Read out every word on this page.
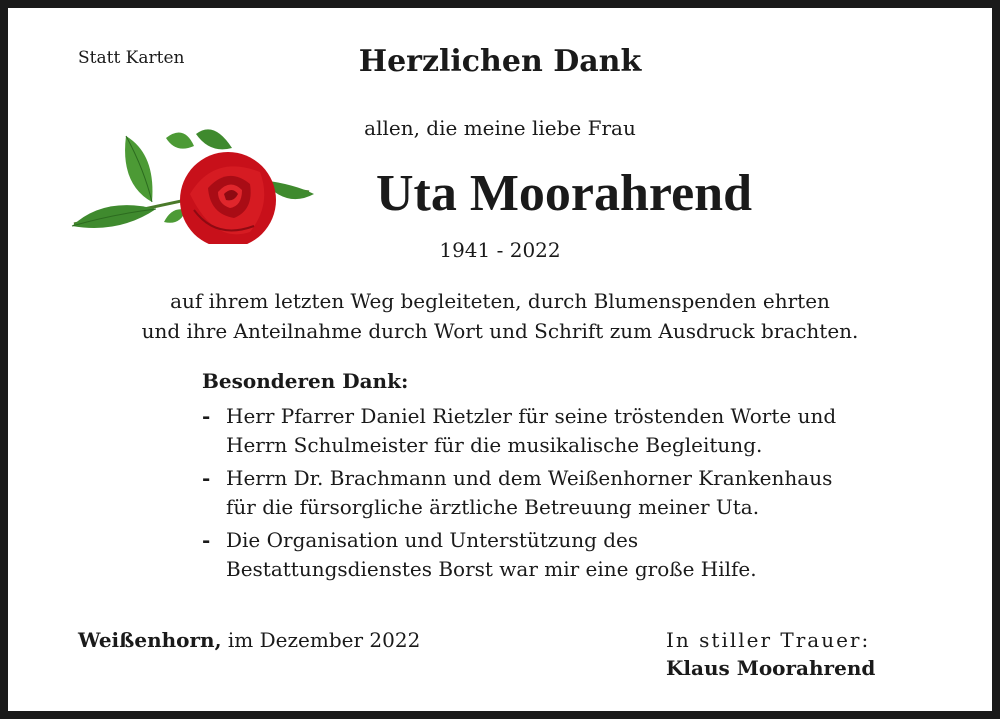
Statt Karten	Herzlichen Dank
allen, die meine liebe Frau
Uta Moorahrend
1941 - 2022
auf ihrem letzten Weg begleiteten, durch Blumenspenden ehrten
und ihre Anteilnahme durch Wort und Schrift zum Ausdruck brachten.
Besonderen Dank:
- Herr Pfarrer Daniel Rietzler für seine tröstenden Worte und
Herrn Schulmeister für die musikalische Begleitung.
- Herrn Dr. Brachmann und dem Weißenhorner Krankenhaus
für die fürsorgliche ärztliche Betreuung meiner Uta.
- Die Organisation und Unterstützung des
Bestattungsdienstes Borst war mir eine große Hilfe.
Weißenhorn, im Dezember 2022	In stiller Trauer:
Klaus Moorahrend
